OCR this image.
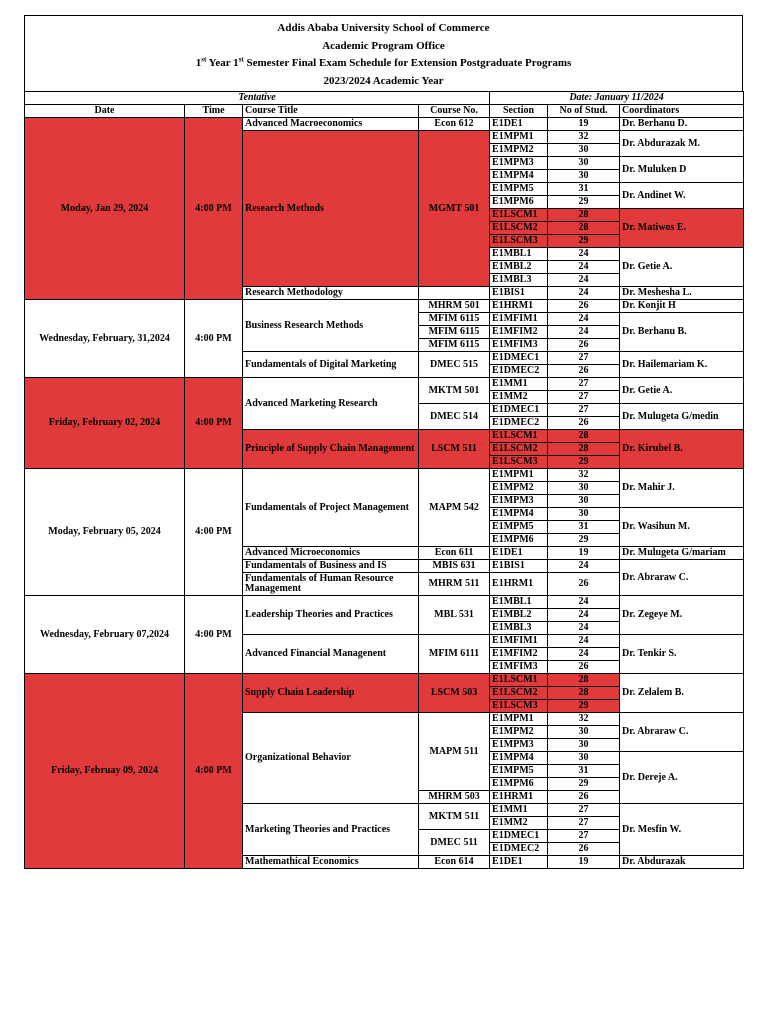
Addis Ababa University School of Commerce
Academic Program Office
1st Year 1st Semester Final Exam Schedule for Extension Postgraduate Programs
2023/2024 Academic Year
Tentative				Date: January 11/2024		
Date	Time	Course Title	Course No.	Section	No of Stud.	Coordinators
Moday, Jan 29, 2024	4:00 PM	Advanced Macroeconomics	Econ 612	E1DE1	19	Dr. Berhanu D.
		Research Methods	MGMT 501	E1MPM1	32	Dr. Abdurazak M.
				E1MPM2	30	
				E1MPM3	30	Dr. Muluken D
				E1MPM4	30	
				E1MPM5	31	Dr. Andinet W.
				E1MPM6	29	
				E1LSCM1	28	Dr. Matiwos E.
				E1LSCM2	28	
				E1LSCM3	29	
				E1MBL1	24	Dr. Getie A.
				E1MBL2	24	
				E1MBL3	24	
		Research Methodology		E1BIS1	24	Dr. Meshesha L.
Wednesday, February, 31,2024	4:00 PM	Business Research Methods	MHRM 501	E1HRM1	26	Dr. Konjit H
			MFIM 6115	E1MFIM1	24	Dr. Berhanu B.
			MFIM 6115	E1MFIM2	24	
			MFIM 6115	E1MFIM3	26	
		Fundamentals of Digital Marketing	DMEC 515	E1DMEC1	27	Dr. Hailemariam K.
				E1DMEC2	26	
Friday, February 02, 2024	4:00 PM	Advanced Marketing Research	MKTM 501	E1MM1	27	Dr. Getie A.
				E1MM2	27	
			DMEC 514	E1DMEC1	27	Dr. Mulugeta G/medin
				E1DMEC2	26	
		Principle of Supply Chain Management	LSCM 511	E1LSCM1	28	Dr. Kirubel B.
				E1LSCM2	28	
				E1LSCM3	29	
Moday, February 05, 2024	4:00 PM	Fundamentals of Project Management	MAPM 542	E1MPM1	32	Dr. Mahir J.
				E1MPM2	30	
				E1MPM3	30	
				E1MPM4	30	Dr. Wasihun M.
				E1MPM5	31	
				E1MPM6	29	
		Advanced Microeconomics	Econ 611	E1DE1	19	Dr. Mulugeta G/mariam
		Fundamentals of Business and IS	MBIS 631	E1BIS1	24	Dr. Abraraw C.
		Fundamentals of Human Resource Management	MHRM 511	E1HRM1	26	
Wednesday, February 07,2024	4:00 PM	Leadership Theories and Practices	MBL 531	E1MBL1	24	Dr. Zegeye M.
				E1MBL2	24	
				E1MBL3	24	
		Advanced Financial Managenent	MFIM 6111	E1MFIM1	24	Dr. Tenkir S.
				E1MFIM2	24	
				E1MFIM3	26	
Friday, Februay 09, 2024	4:00 PM	Supply Chain Leadership	LSCM 503	E1LSCM1	28	Dr. Zelalem B.
				E1LSCM2	28	
				E1LSCM3	29	
		Organizational Behavior	MAPM 511	E1MPM1	32	Dr. Abraraw C.
				E1MPM2	30	
				E1MPM3	30	
				E1MPM4	30	Dr. Dereje A.
				E1MPM5	31	
				E1MPM6	29	
			MHRM 503	E1HRM1	26	
		Marketing Theories and Practices	MKTM 511	E1MM1	27	Dr. Mesfin W.
				E1MM2	27	
			DMEC 511	E1DMEC1	27	
				E1DMEC2	26	
		Mathemathical Economics	Econ 614	E1DE1	19	Dr. Abdurazak
